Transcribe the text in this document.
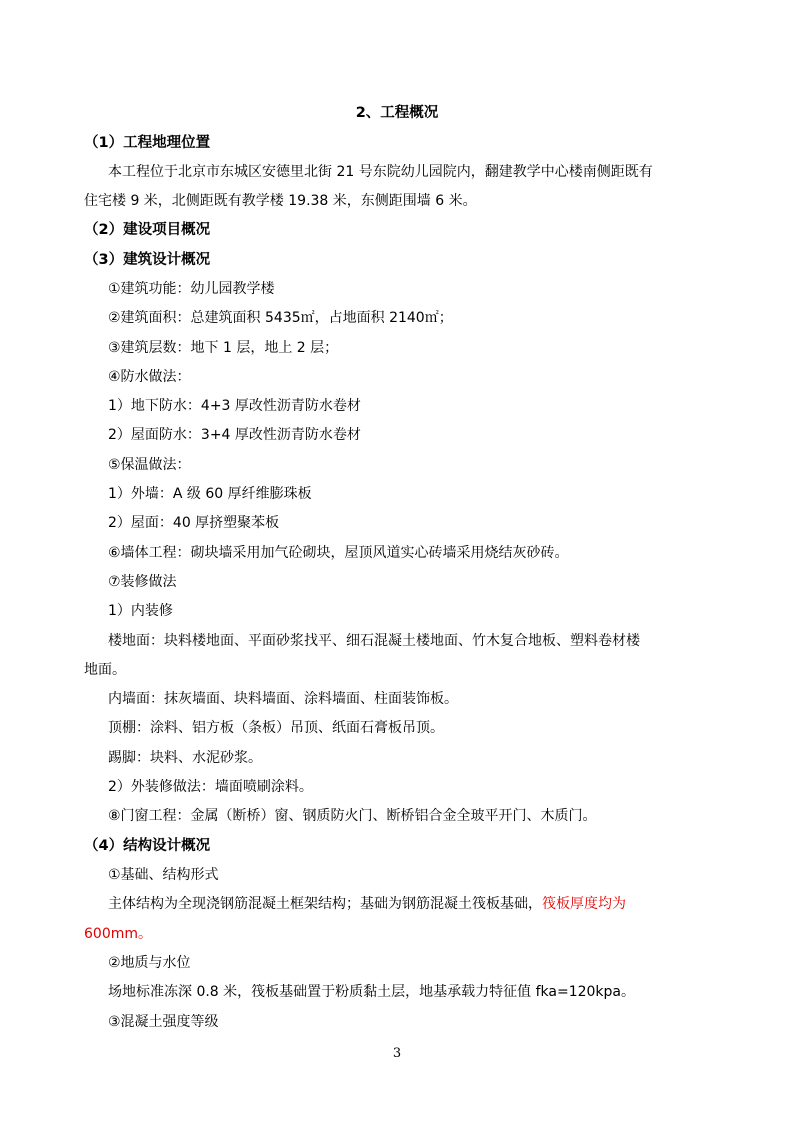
2、工程概况
（1）工程地理位置
本工程位于北京市东城区安德里北街 21 号东院幼儿园院内，翻建教学中心楼南侧距既有
住宅楼 9 米，北侧距既有教学楼 19.38 米，东侧距围墙 6 米。
（2）建设项目概况
（3）建筑设计概况
①建筑功能：幼儿园教学楼
②建筑面积：总建筑面积 5435㎡，占地面积 2140㎡；
③建筑层数：地下 1 层，地上 2 层；
④防水做法：
1）地下防水：4+3 厚改性沥青防水卷材
2）屋面防水：3+4 厚改性沥青防水卷材
⑤保温做法：
1）外墙：A 级 60 厚纤维膨珠板
2）屋面：40 厚挤塑聚苯板
⑥墙体工程：砌块墙采用加气砼砌块，屋顶风道实心砖墙采用烧结灰砂砖。
⑦装修做法
1）内装修
楼地面：块料楼地面、平面砂浆找平、细石混凝土楼地面、竹木复合地板、塑料卷材楼
地面。
内墙面：抹灰墙面、块料墙面、涂料墙面、柱面装饰板。
顶棚：涂料、铝方板（条板）吊顶、纸面石膏板吊顶。
踢脚：块料、水泥砂浆。
2）外装修做法：墙面喷刷涂料。
⑧门窗工程：金属（断桥）窗、钢质防火门、断桥铝合金全玻平开门、木质门。
（4）结构设计概况
①基础、结构形式
主体结构为全现浇钢筋混凝土框架结构；基础为钢筋混凝土筏板基础，筏板厚度均为
600mm。
②地质与水位
场地标准冻深 0.8 米，筏板基础置于粉质黏土层，地基承载力特征值 fka=120kpa。
③混凝土强度等级
3
